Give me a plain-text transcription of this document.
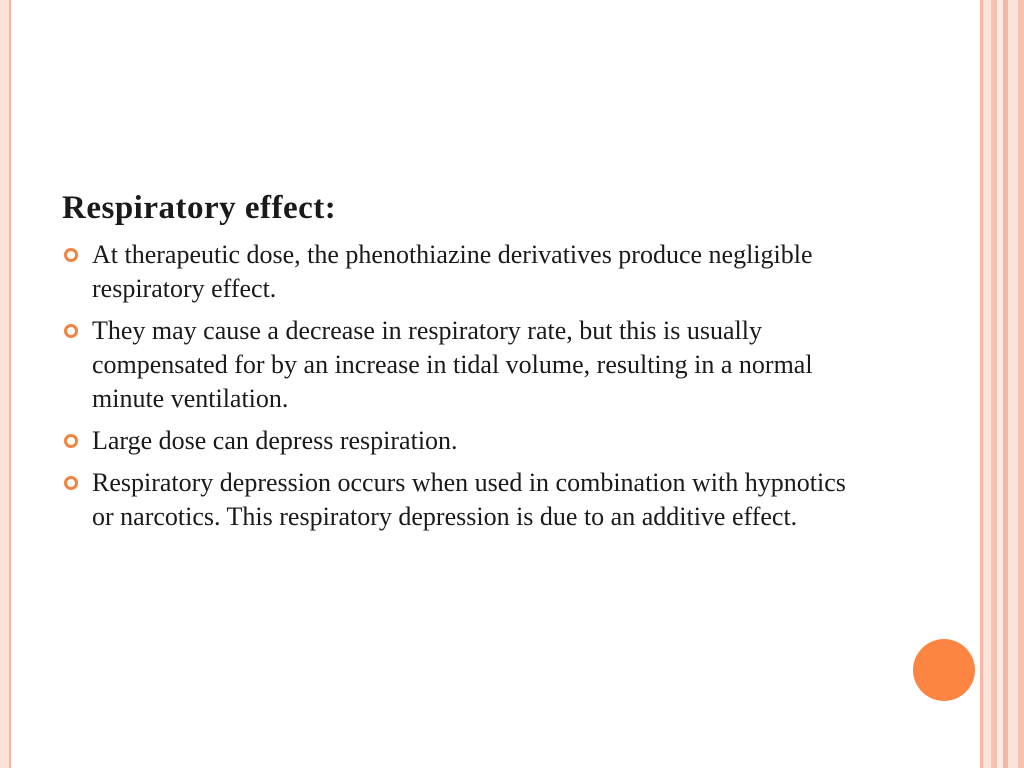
Respiratory effect:
At therapeutic dose, the phenothiazine derivatives produce negligible respiratory effect.
They may cause a decrease in respiratory rate, but this is usually compensated for by an increase in tidal volume, resulting in a normal minute ventilation.
Large dose can depress respiration.
Respiratory depression occurs when used in combination with hypnotics or narcotics. This respiratory depression is due to an additive effect.
